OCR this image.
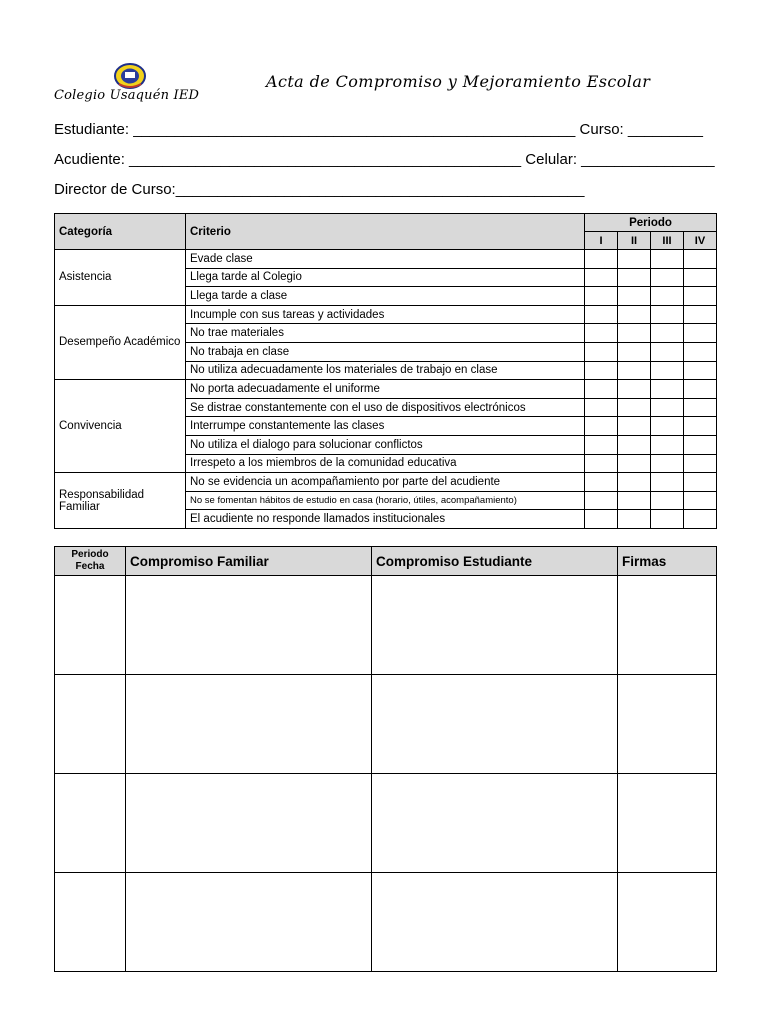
Colegio Usaquén IED
Acta de Compromiso y Mejoramiento Escolar
Estudiante: _____________________________________________________ Curso: _________
Acudiente: _______________________________________________ Celular: ________________
Director de Curso:_________________________________________________
Categoría	Criterio	Periodo			
		I	II	III	IV
Asistencia	Evade clase				
	Llega tarde al Colegio				
	Llega tarde a clase				
Desempeño Académico	Incumple con sus tareas y actividades				
	No trae materiales				
	No trabaja en clase				
	No utiliza adecuadamente los materiales de trabajo en clase				
Convivencia	No porta adecuadamente el uniforme				
	Se distrae constantemente con el uso de dispositivos electrónicos				
	Interrumpe constantemente las clases				
	No utiliza el dialogo para solucionar conflictos				
	Irrespeto a los miembros de la comunidad educativa				
Responsabilidad Familiar	No se evidencia un acompañamiento por parte del acudiente				
	No se fomentan hábitos de estudio en casa (horario, útiles, acompañamiento)				
	El acudiente no responde llamados institucionales				
Periodo
Fecha	Compromiso Familiar	Compromiso Estudiante	Firmas
